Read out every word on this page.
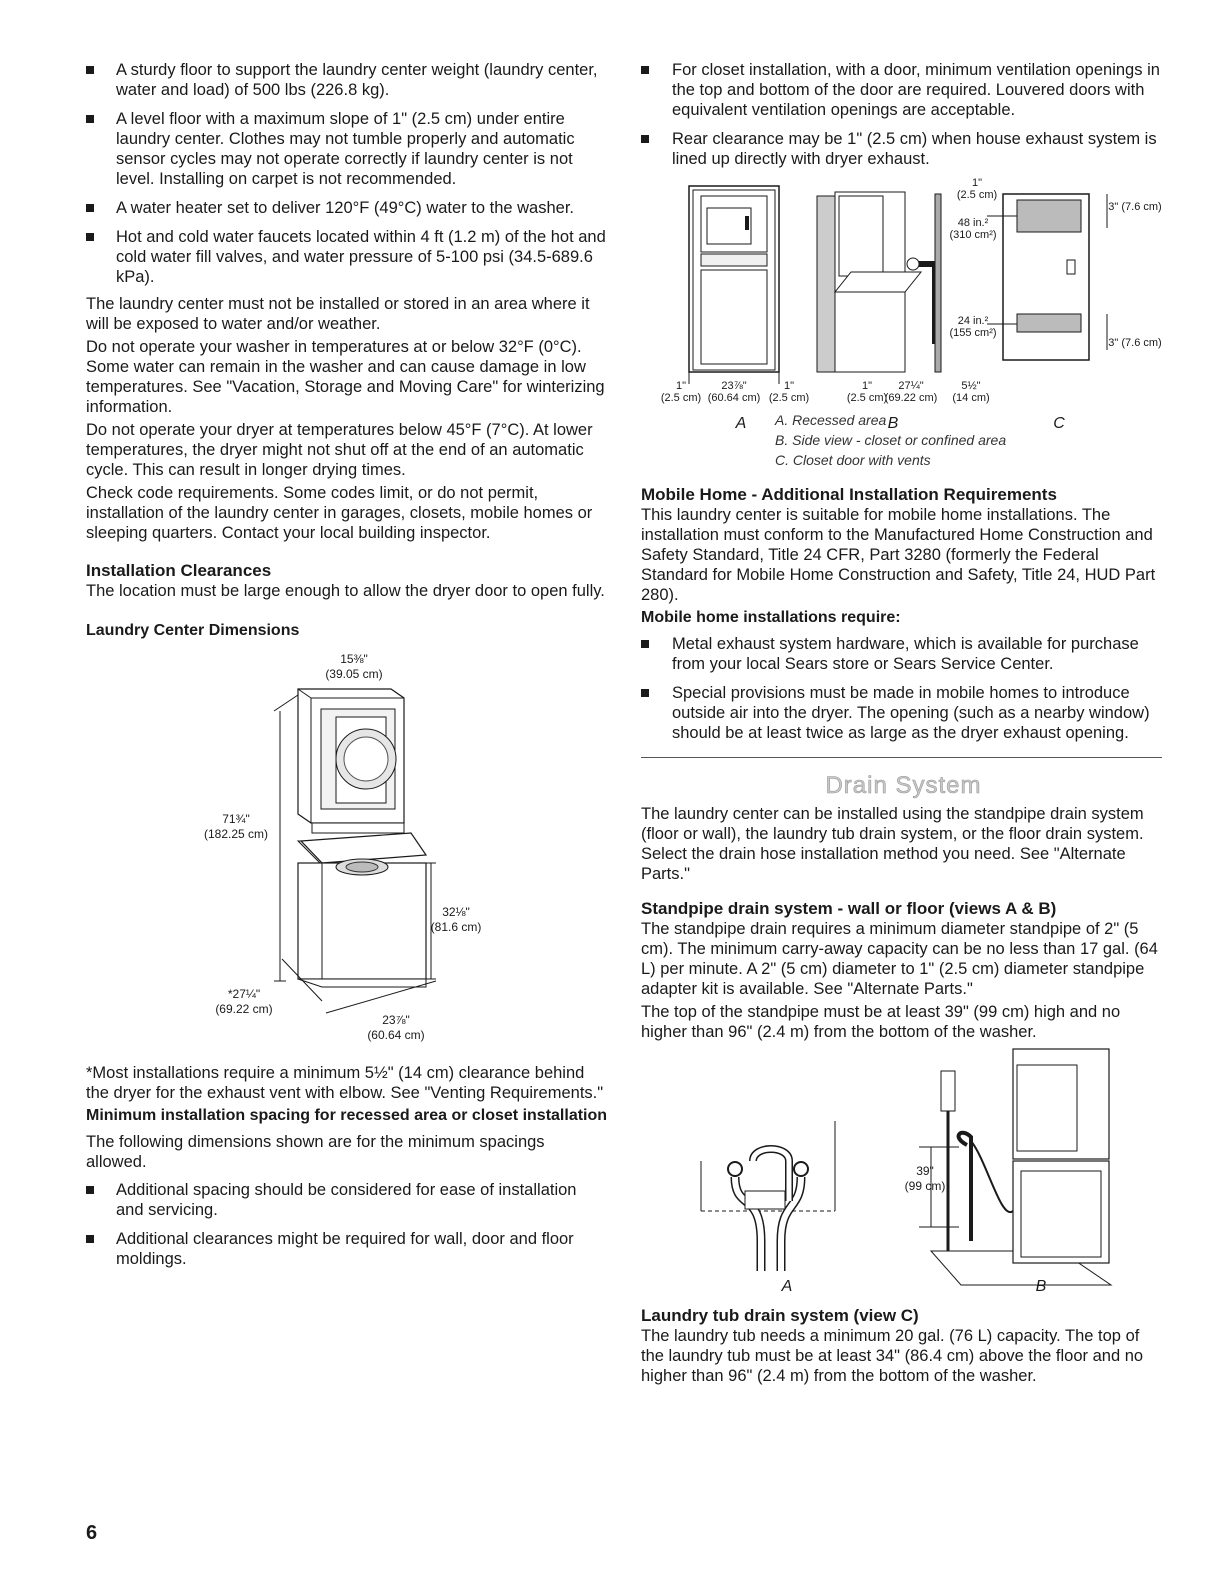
A sturdy floor to support the laundry center weight (laundry center, water and load) of 500 lbs (226.8 kg).
A level floor with a maximum slope of 1" (2.5 cm) under entire laundry center. Clothes may not tumble properly and automatic sensor cycles may not operate correctly if laundry center is not level. Installing on carpet is not recommended.
A water heater set to deliver 120°F (49°C) water to the washer.
Hot and cold water faucets located within 4 ft (1.2 m) of the hot and cold water fill valves, and water pressure of 5-100 psi (34.5-689.6 kPa).

The laundry center must not be installed or stored in an area where it will be exposed to water and/or weather.

Do not operate your washer in temperatures at or below 32°F (0°C). Some water can remain in the washer and can cause damage in low temperatures. See "Vacation, Storage and Moving Care" for winterizing information.

Do not operate your dryer at temperatures below 45°F (7°C). At lower temperatures, the dryer might not shut off at the end of an automatic cycle. This can result in longer drying times.

Check code requirements. Some codes limit, or do not permit, installation of the laundry center in garages, closets, mobile homes or sleeping quarters. Contact your local building inspector.

Installation Clearances

The location must be large enough to allow the dryer door to open fully.

Laundry Center Dimensions
15⅜"
(39.05 cm)
71¾"
(182.25 cm)
32⅛"
(81.6 cm)
*27¼"
(69.22 cm)
23⅞"
(60.64 cm)

*Most installations require a minimum 5½" (14 cm) clearance behind the dryer for the exhaust vent with elbow. See "Venting Requirements."

Minimum installation spacing for recessed area or closet installation

The following dimensions shown are for the minimum spacings allowed.

Additional spacing should be considered for ease of installation and servicing.
Additional clearances might be required for wall, door and floor moldings.
For closet installation, with a door, minimum ventilation openings in the top and bottom of the door are required. Louvered doors with equivalent ventilation openings are acceptable.
Rear clearance may be 1" (2.5 cm) when house exhaust system is lined up directly with dryer exhaust.
1"
(2.5 cm)
23⅞"
(60.64 cm)
1"
(2.5 cm)
A
1"
(2.5 cm)
48 in.²
(310 cm²)
24 in.²
(155 cm²)
1"
(2.5 cm)
27¼"
(69.22 cm)
5½"
(14 cm)
B
3" (7.6 cm)
3" (7.6 cm)
C
A. Recessed area
B. Side view - closet or confined area
C. Closet door with vents
Mobile Home - Additional Installation Requirements

This laundry center is suitable for mobile home installations. The installation must conform to the Manufactured Home Construction and Safety Standard, Title 24 CFR, Part 3280 (formerly the Federal Standard for Mobile Home Construction and Safety, Title 24, HUD Part 280).

Mobile home installations require:
Metal exhaust system hardware, which is available for purchase from your local Sears store or Sears Service Center.
Special provisions must be made in mobile homes to introduce outside air into the dryer. The opening (such as a nearby window) should be at least twice as large as the dryer exhaust opening.
Drain System

The laundry center can be installed using the standpipe drain system (floor or wall), the laundry tub drain system, or the floor drain system. Select the drain hose installation method you need. See "Alternate Parts."

Standpipe drain system - wall or floor (views A & B)

The standpipe drain requires a minimum diameter standpipe of 2" (5 cm). The minimum carry-away capacity can be no less than 17 gal. (64 L) per minute. A 2" (5 cm) diameter to 1" (2.5 cm) diameter standpipe adapter kit is available. See "Alternate Parts."

The top of the standpipe must be at least 39" (99 cm) high and no higher than 96" (2.4 m) from the bottom of the washer.

A
39"
(99 cm)
B
Laundry tub drain system (view C)

The laundry tub needs a minimum 20 gal. (76 L) capacity. The top of the laundry tub must be at least 34" (86.4 cm) above the floor and no higher than 96" (2.4 m) from the bottom of the washer.

6
